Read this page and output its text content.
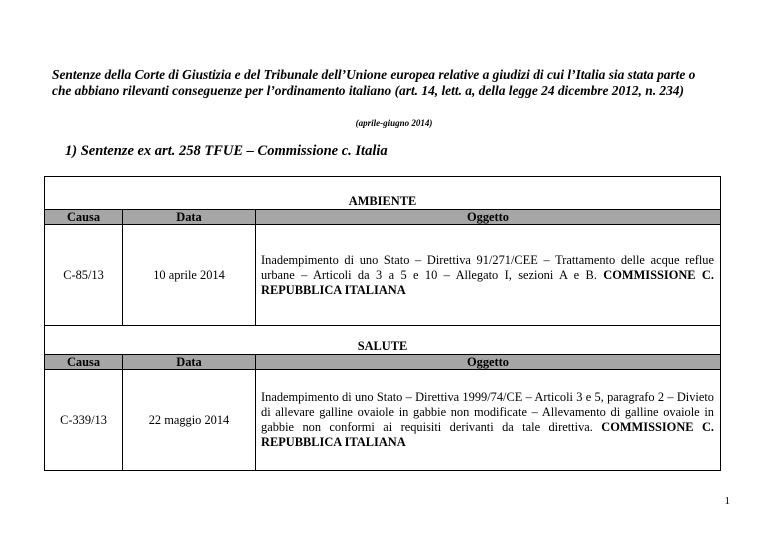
Sentenze della Corte di Giustizia e del Tribunale dell’Unione europea relative a giudizi di cui l’Italia sia stata parte o che abbiano rilevanti conseguenze per l’ordinamento italiano (art. 14, lett. a, della legge 24 dicembre 2012, n. 234)

(aprile-giugno 2014)
1) Sentenze ex art. 258 TFUE – Commissione c. Italia
AMBIENTE		
Causa	Data	Oggetto
C-85/13	10 aprile 2014	Inadempimento di uno Stato – Direttiva 91/271/CEE – Trattamento delle acque reflue urbane – Articoli da 3 a 5 e 10 – Allegato I, sezioni A e B. COMMISSIONE C. REPUBBLICA ITALIANA
SALUTE		
Causa	Data	Oggetto
C-339/13	22 maggio 2014	Inadempimento di uno Stato – Direttiva 1999/74/CE – Articoli 3 e 5, paragrafo 2 – Divieto di allevare galline ovaiole in gabbie non modificate – Allevamento di galline ovaiole in gabbie non conformi ai requisiti derivanti da tale direttiva. COMMISSIONE C. REPUBBLICA ITALIANA
1
